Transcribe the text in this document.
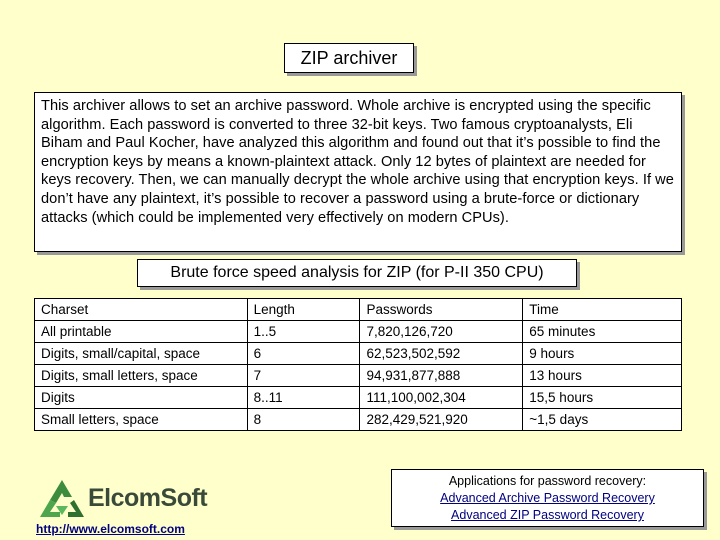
ZIP archiver
This archiver allows to set an archive password. Whole archive is encrypted using the specific algorithm. Each password is converted to three 32-bit keys. Two famous cryptoanalysts, Eli Biham and Paul Kocher, have analyzed this algorithm and found out that it’s possible to find the encryption keys by means a known-plaintext attack. Only 12 bytes of plaintext are needed for keys recovery. Then, we can manually decrypt the whole archive using that encryption keys. If we don’t have any plaintext, it’s possible to recover a password using a brute-force or dictionary attacks (which could be implemented very effectively on modern CPUs).
Brute force speed analysis for ZIP (for P-II 350 CPU)
Charset	Length	Passwords	Time
All printable	1..5	7,820,126,720	65 minutes
Digits, small/capital, space	6	62,523,502,592	9 hours
Digits, small letters, space	7	94,931,877,888	13 hours
Digits	8..11	111,100,002,304	15,5 hours
Small letters, space	8	282,429,521,920	~1,5 days
ElcomSoft
http://www.elcomsoft.com
Applications for password recovery:
Advanced Archive Password Recovery
Advanced ZIP Password Recovery
